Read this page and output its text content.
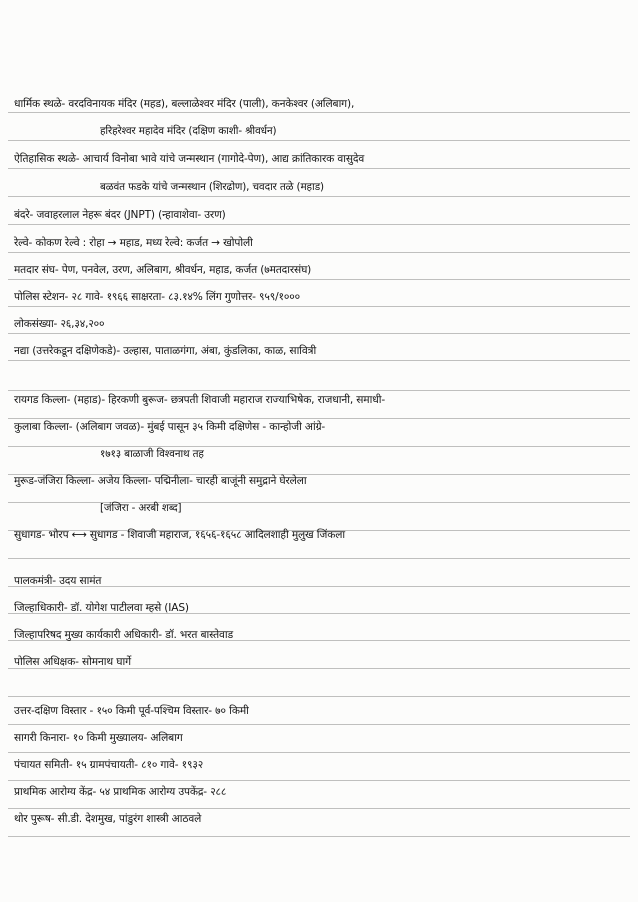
धार्मिक स्थळे- वरदविनायक मंदिर (महड), बल्लाळेश्वर मंदिर (पाली), कनकेश्वर (अलिबाग),
हरिहरेश्वर महादेव मंदिर (दक्षिण काशी- श्रीवर्धन)
ऐतिहासिक स्थळे- आचार्य विनोबा भावे यांचे जन्मस्थान (गागोदे-पेण), आद्य क्रांतिकारक वासुदेव
बळवंत फडके यांचे जन्मस्थान (शिरढोण), चवदार तळे (महाड)
बंदरे- जवाहरलाल नेहरू बंदर (JNPT) (न्हावाशेवा- उरण)
रेल्वे- कोकण रेल्वे : रोहा → महाड, मध्य रेल्वे: कर्जत → खोपोली
मतदार संघ- पेण, पनवेल, उरण, अलिबाग, श्रीवर्धन, महाड, कर्जत (७मतदारसंघ)
पोलिस स्टेशन- २८ गावे- १९६६ साक्षरता- ८३.१४% लिंग गुणोत्तर- ९५९/१०००
लोकसंख्या- २६,३४,२००
नद्या (उत्तरेकडून दक्षिणेकडे)- उल्हास, पाताळगंगा, अंबा, कुंडलिका, काळ, सावित्री
रायगड किल्ला- (महाड)- हिरकणी बुरूज- छत्रपती शिवाजी महाराज राज्याभिषेक, राजधानी, समाधी-
कुलाबा किल्ला- (अलिबाग जवळ)- मुंबई पासून ३५ किमी दक्षिणेस - कान्होजी आंग्रे-
१७१३ बाळाजी विश्वनाथ तह
मुरूड-जंजिरा किल्ला- अजेय किल्ला- पद्मिनीला- चारही बाजूंनी समुद्राने घेरलेला
[जंजिरा - अरबी शब्द]
सुधागड- भोरप ⟷ सुधागड - शिवाजी महाराज, १६५६-१६५८ आदिलशाही मुलुख जिंकला
पालकमंत्री- उदय सामंत
जिल्हाधिकारी- डॉ. योगेश पाटीलवा म्हसे (IAS)
जिल्हापरिषद मुख्य कार्यकारी अधिकारी- डॉ. भरत बास्तेवाड
पोलिस अधिक्षक- सोमनाथ घार्गे
उत्तर-दक्षिण विस्तार - १५० किमी पूर्व-पश्चिम विस्तार- ७० किमी
सागरी किनारा- १० किमी मुख्यालय- अलिबाग
पंचायत समिती- १५ ग्रामपंचायती- ८१० गावे- १९३२
प्राथमिक आरोग्य केंद्र- ५४ प्राथमिक आरोग्य उपकेंद्र- २८८
थोर पुरूष- सी.डी. देशमुख, पांडुरंग शास्त्री आठवले
